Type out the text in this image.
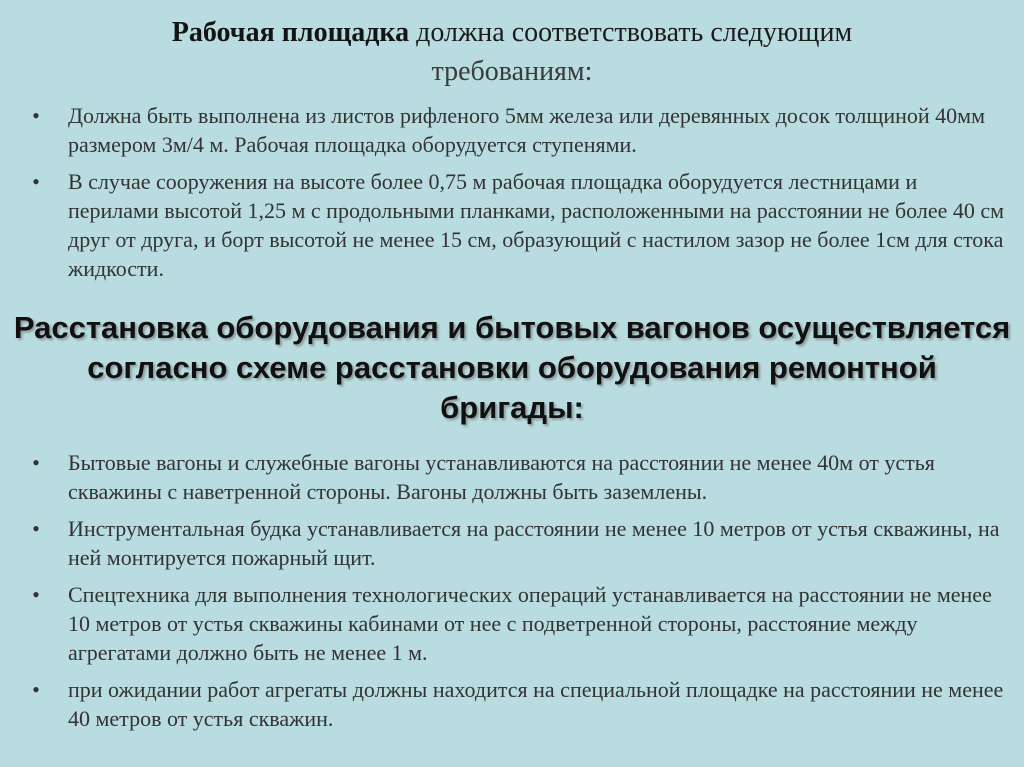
Рабочая площадка должна соответствовать следующим
требованиям:
• Должна быть выполнена из листов рифленого 5мм железа или деревянных досок толщиной 40мм размером 3м/4 м. Рабочая площадка оборудуется ступенями.
• В случае сооружения на высоте более 0,75 м рабочая площадка оборудуется лестницами и перилами высотой 1,25 м с продольными планками, расположенными на расстоянии не более 40 см друг от друга, и борт высотой не менее 15 см, образующий с настилом зазор не более 1см для стока жидкости.
Расстановка оборудования и бытовых вагонов осуществляется
согласно схеме расстановки оборудования ремонтной
бригады:
• Бытовые вагоны и служебные вагоны устанавливаются на расстоянии не менее 40м от устья скважины с наветренной стороны. Вагоны должны быть заземлены.
• Инструментальная будка устанавливается на расстоянии не менее 10 метров от устья скважины, на ней монтируется пожарный щит.
• Спецтехника для выполнения технологических операций устанавливается на расстоянии не менее 10 метров от устья скважины кабинами от нее с подветренной стороны, расстояние между агрегатами должно быть не менее 1 м.
• при ожидании работ агрегаты должны находится на специальной площадке на расстоянии не менее 40 метров от устья скважин.
